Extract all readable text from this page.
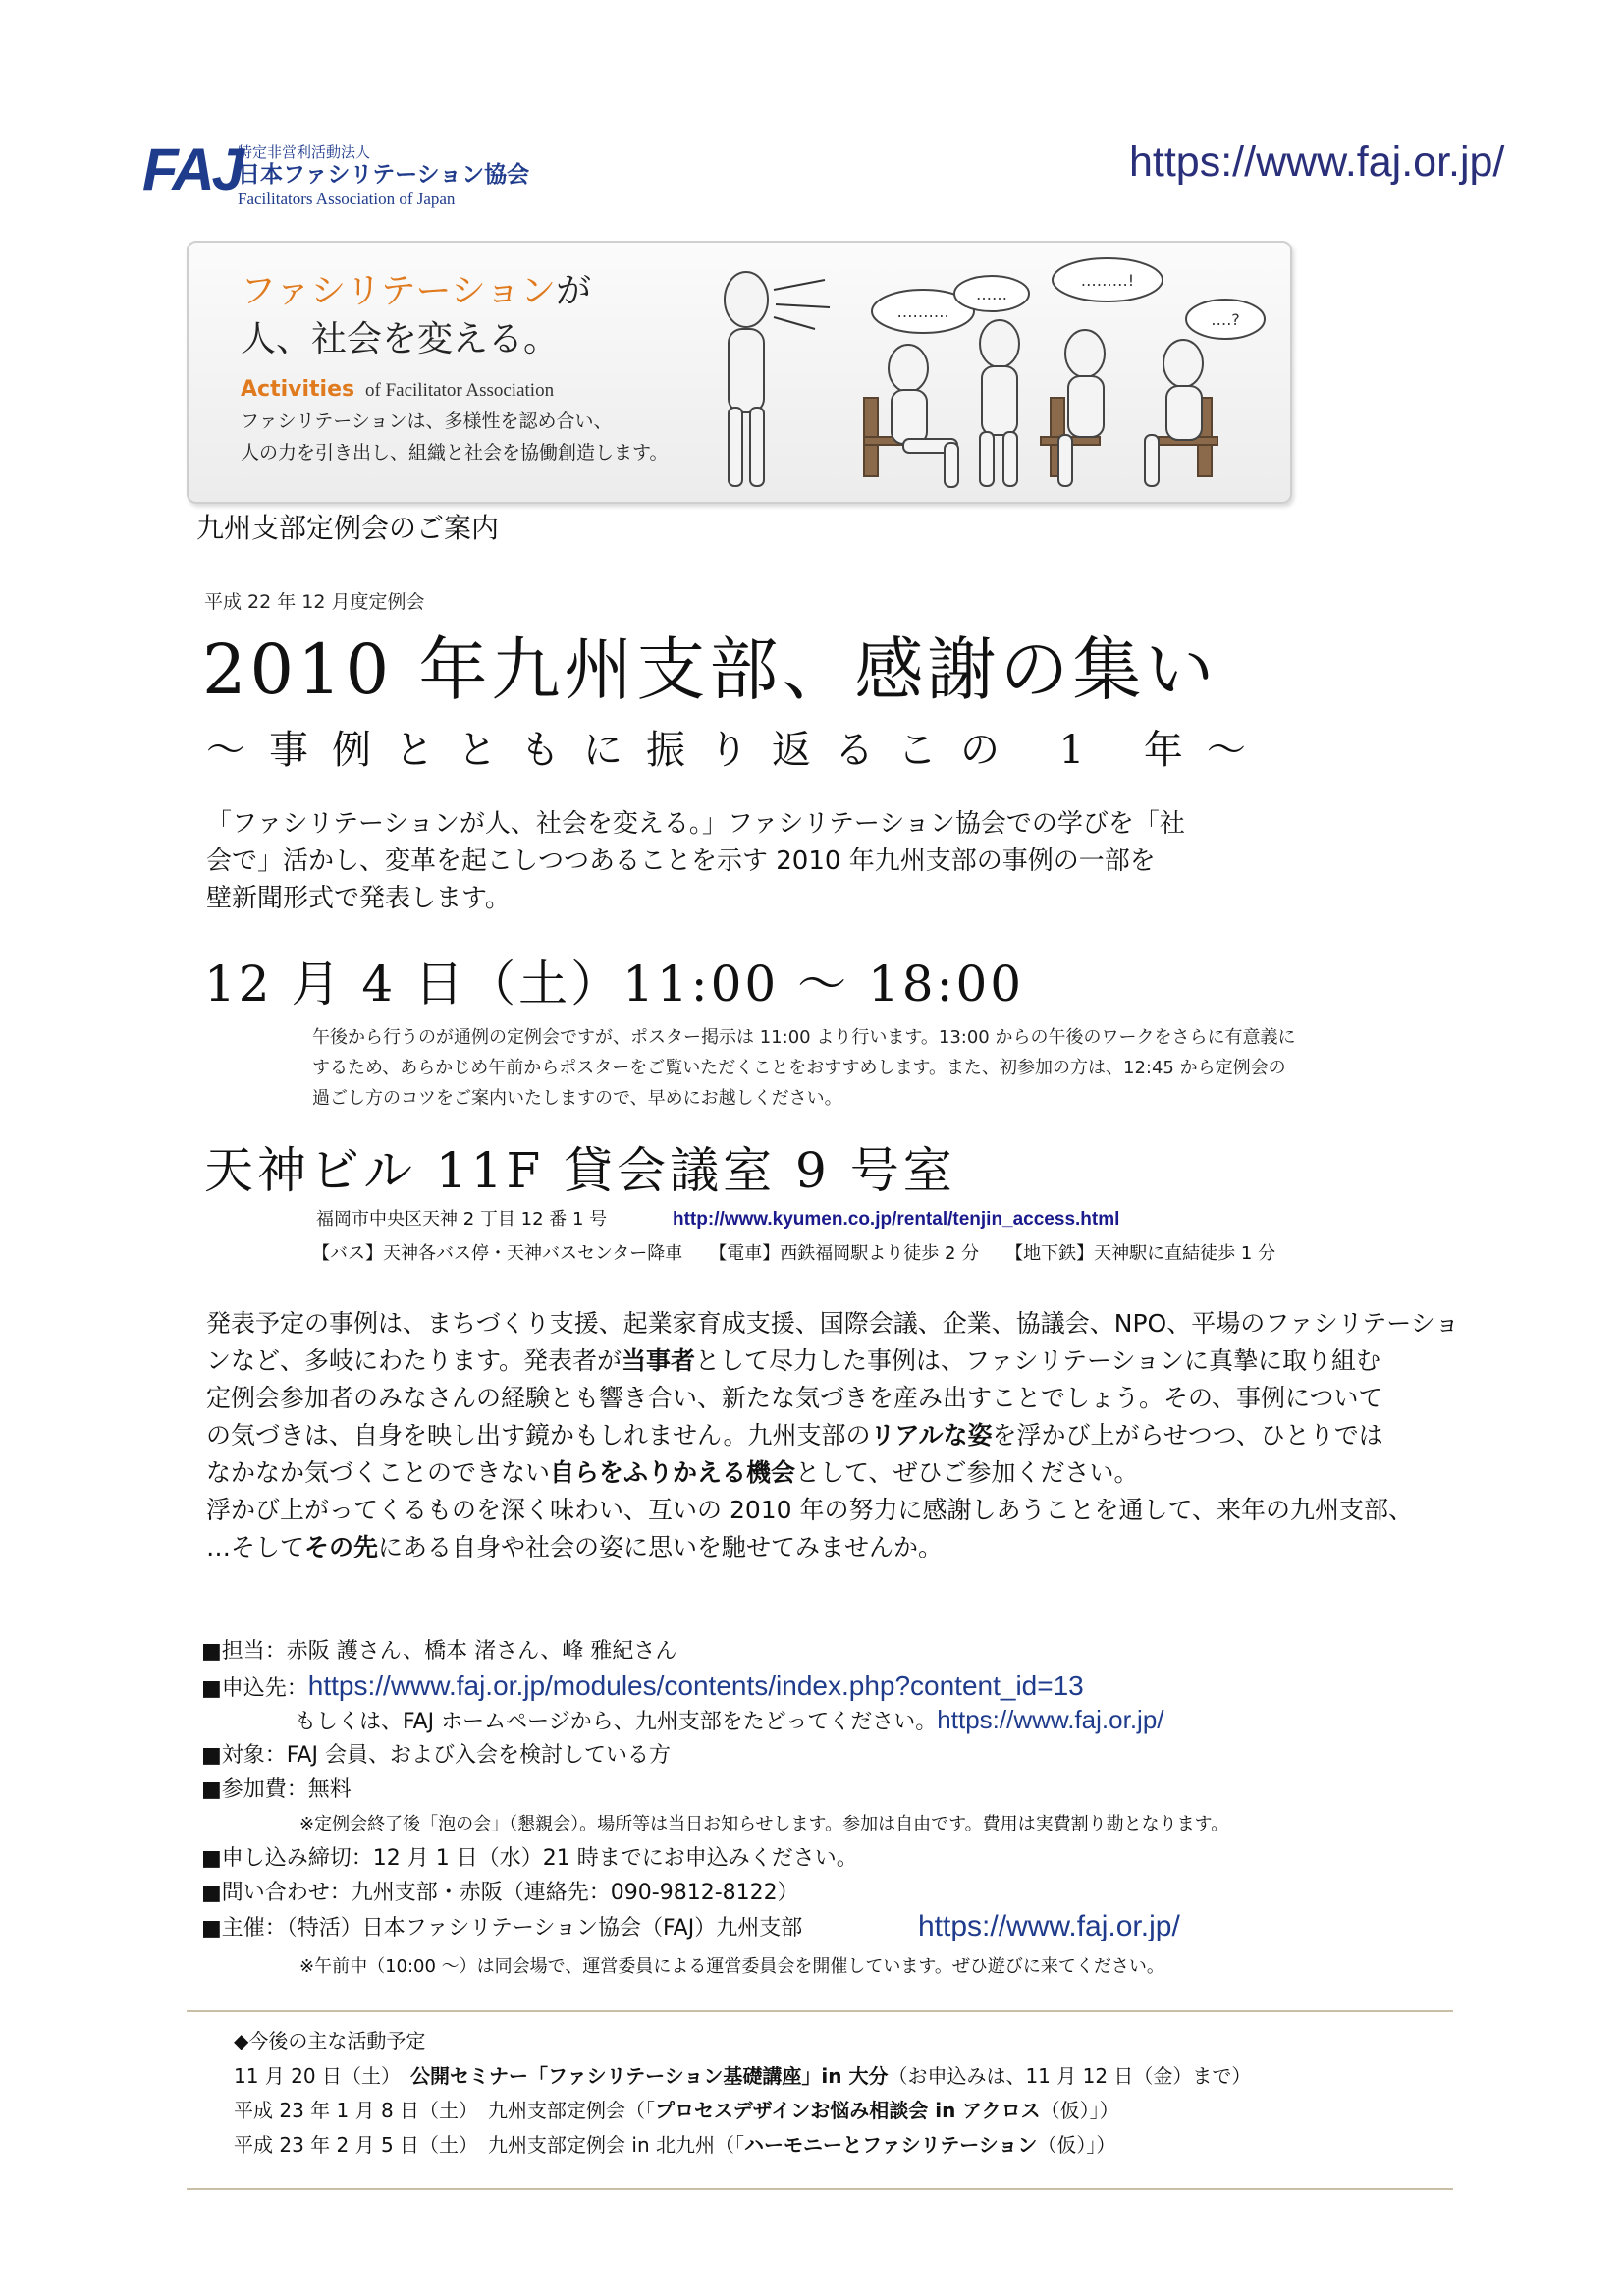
FAJ
特定非営利活動法人
日本ファシリテーション協会
Facilitators Association of Japan
https://www.faj.or.jp/
ファシリテーションが
人、社会を変える。
Activities of Facilitator Association
ファシリテーションは、多様性を認め合い、
人の力を引き出し、組織と社会を協働創造します。
……….
……
………!
….?
九州支部定例会のご案内
平成 22 年 12 月度定例会
2010 年九州支部、感謝の集い
～事例とともに振り返るこの 1 年～
「ファシリテーションが人、社会を変える。」ファシリテーション協会での学びを「社
会で」活かし、変革を起こしつつあることを示す 2010 年九州支部の事例の一部を
壁新聞形式で発表します。
12 月 4 日（土）11:00 ～ 18:00
午後から行うのが通例の定例会ですが、ポスター掲示は 11:00 より行います。13:00 からの午後のワークをさらに有意義に
するため、あらかじめ午前からポスターをご覧いただくことをおすすめします。また、初参加の方は、12:45 から定例会の
過ごし方のコツをご案内いたしますので、早めにお越しください。
天神ビル 11F 貸会議室 9 号室
福岡市中央区天神 2 丁目 12 番 1 号	http://www.kyumen.co.jp/rental/tenjin_access.html
【バス】天神各バス停・天神バスセンター降車　　【電車】西鉄福岡駅より徒歩 2 分　　【地下鉄】天神駅に直結徒歩 1 分
発表予定の事例は、まちづくり支援、起業家育成支援、国際会議、企業、協議会、NPO、平場のファシリテーショ
ンなど、多岐にわたります。発表者が当事者として尽力した事例は、ファシリテーションに真摯に取り組む
定例会参加者のみなさんの経験とも響き合い、新たな気づきを産み出すことでしょう。その、事例について
の気づきは、自身を映し出す鏡かもしれません。九州支部のリアルな姿を浮かび上がらせつつ、ひとりでは
なかなか気づくことのできない自らをふりかえる機会として、ぜひご参加ください。
浮かび上がってくるものを深く味わい、互いの 2010 年の努力に感謝しあうことを通して、来年の九州支部、
…そしてその先にある自身や社会の姿に思いを馳せてみませんか。
■担当：赤阪 護さん、橋本 渚さん、峰 雅紀さん
■申込先：https://www.faj.or.jp/modules/contents/index.php?content_id=13
もしくは、FAJ ホームページから、九州支部をたどってください。https://www.faj.or.jp/
■対象：FAJ 会員、および入会を検討している方
■参加費：無料
※定例会終了後「泡の会」（懇親会）。場所等は当日お知らせします。参加は自由です。費用は実費割り勘となります。
■申し込み締切：12 月 1 日（水）21 時までにお申込みください。
■問い合わせ：九州支部・赤阪（連絡先：090-9812-8122）
■主催：（特活）日本ファシリテーション協会（FAJ）九州支部	https://www.faj.or.jp/
※午前中（10:00 ～）は同会場で、運営委員による運営委員会を開催しています。ぜひ遊びに来てください。
◆今後の主な活動予定
11 月 20 日（土）　公開セミナー「ファシリテーション基礎講座」in 大分（お申込みは、11 月 12 日（金）まで）
平成 23 年 1 月 8 日（土）　九州支部定例会（「プロセスデザインお悩み相談会 in アクロス（仮）」）
平成 23 年 2 月 5 日（土）　九州支部定例会 in 北九州（「ハーモニーとファシリテーション（仮）」）
